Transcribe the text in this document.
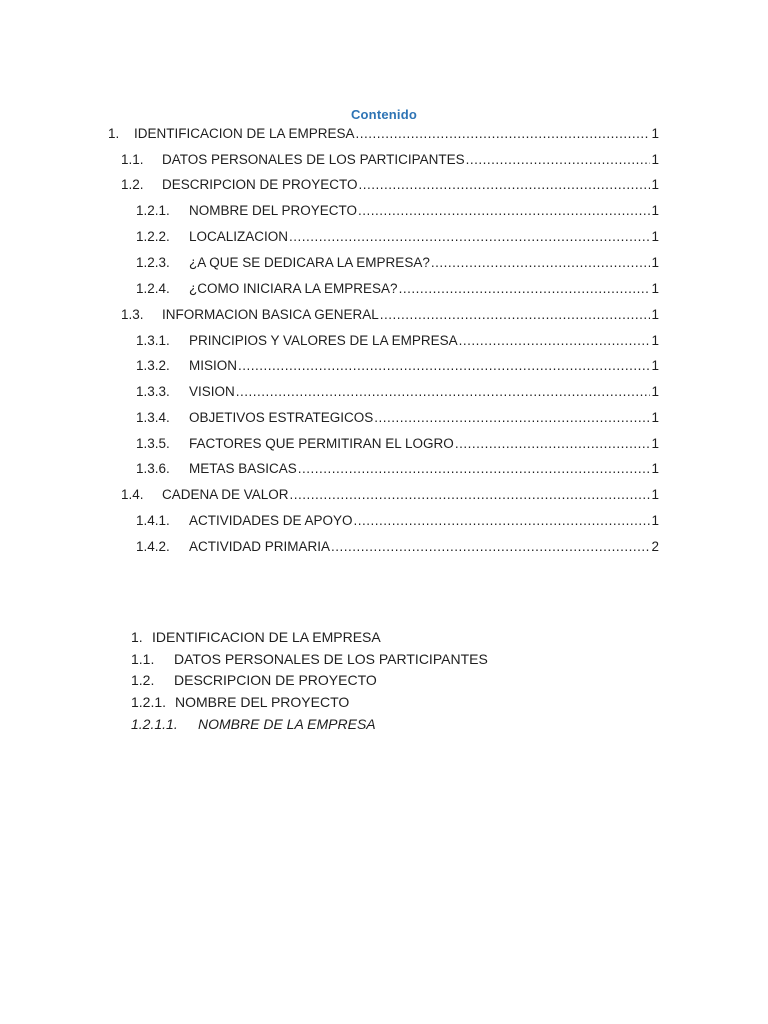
Contenido
1.	IDENTIFICACION DE LA EMPRESA .....	1
1.1.	DATOS PERSONALES DE LOS PARTICIPANTES .....	1
1.2.	DESCRIPCION DE PROYECTO .....	1
1.2.1.	NOMBRE DEL PROYECTO .....	1
1.2.2.	LOCALIZACION .....	1
1.2.3.	¿A QUE SE DEDICARA LA EMPRESA? .....	1
1.2.4.	¿COMO INICIARA LA EMPRESA? .....	1
1.3.	INFORMACION BASICA GENERAL .....	1
1.3.1.	PRINCIPIOS Y VALORES DE LA EMPRESA .....	1
1.3.2.	MISION .....	1
1.3.3.	VISION .....	1
1.3.4.	OBJETIVOS ESTRATEGICOS .....	1
1.3.5.	FACTORES QUE PERMITIRAN EL LOGRO .....	1
1.3.6.	METAS BASICAS .....	1
1.4.	CADENA DE VALOR .....	1
1.4.1.	ACTIVIDADES DE APOYO .....	1
1.4.2.	ACTIVIDAD PRIMARIA .....	2
1. IDENTIFICACION DE LA EMPRESA
1.1.	DATOS PERSONALES DE LOS PARTICIPANTES
1.2.	DESCRIPCION DE PROYECTO
1.2.1. NOMBRE DEL PROYECTO
1.2.1.1.	NOMBRE DE LA EMPRESA
